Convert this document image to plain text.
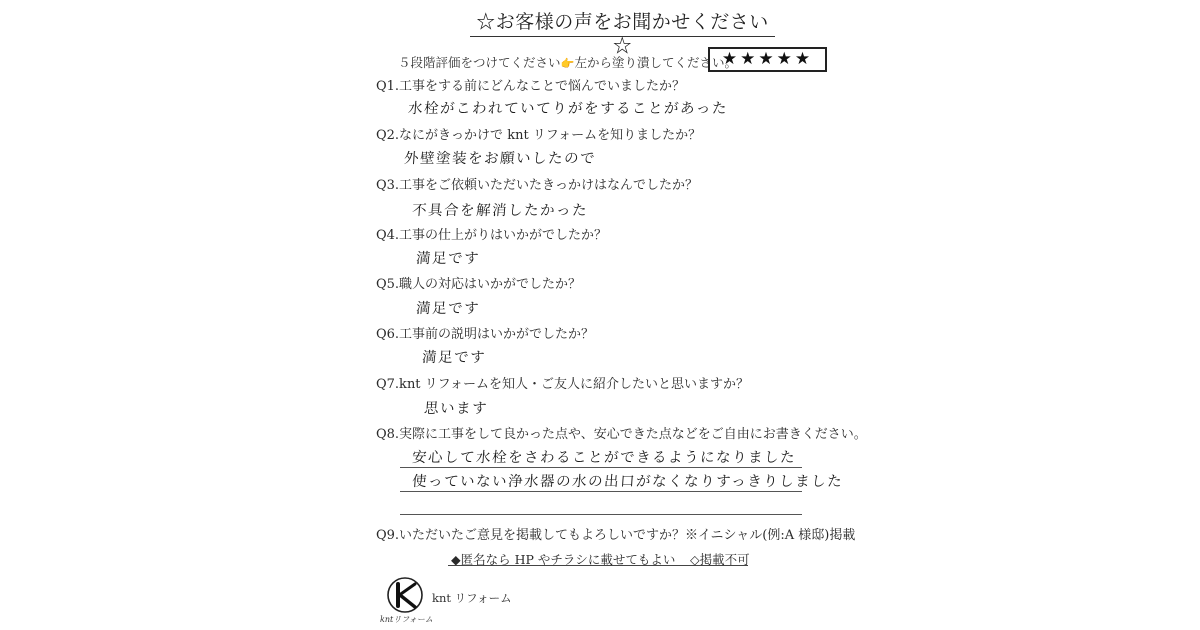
☆お客様の声をお聞かせください☆
５段階評価をつけてください👉左から塗り潰してください。
★★★★★
Q1.工事をする前にどんなことで悩んでいましたか？
水栓がこわれていてりがをすることがあった
Q2.なにがきっかけで knt リフォームを知りましたか？
外壁塗装をお願いしたので
Q3.工事をご依頼いただいたきっかけはなんでしたか？
不具合を解消したかった
Q4.工事の仕上がりはいかがでしたか？
満足です
Q5.職人の対応はいかがでしたか？
満足です
Q6.工事前の説明はいかがでしたか？
満足です
Q7.knt リフォームを知人・ご友人に紹介したいと思いますか？
思います
Q8.実際に工事をして良かった点や、安心できた点などをご自由にお書きください。
安心して水栓をさわることができるようになりました
使っていない浄水器の水の出口がなくなりすっきりしました
Q9.いただいたご意見を掲載してもよろしいですか？※イニシャル(例:A 様邸)掲載
◆匿名なら HP やチラシに載せてもよい ◇掲載不可
kntリフォーム
knt リフォーム
